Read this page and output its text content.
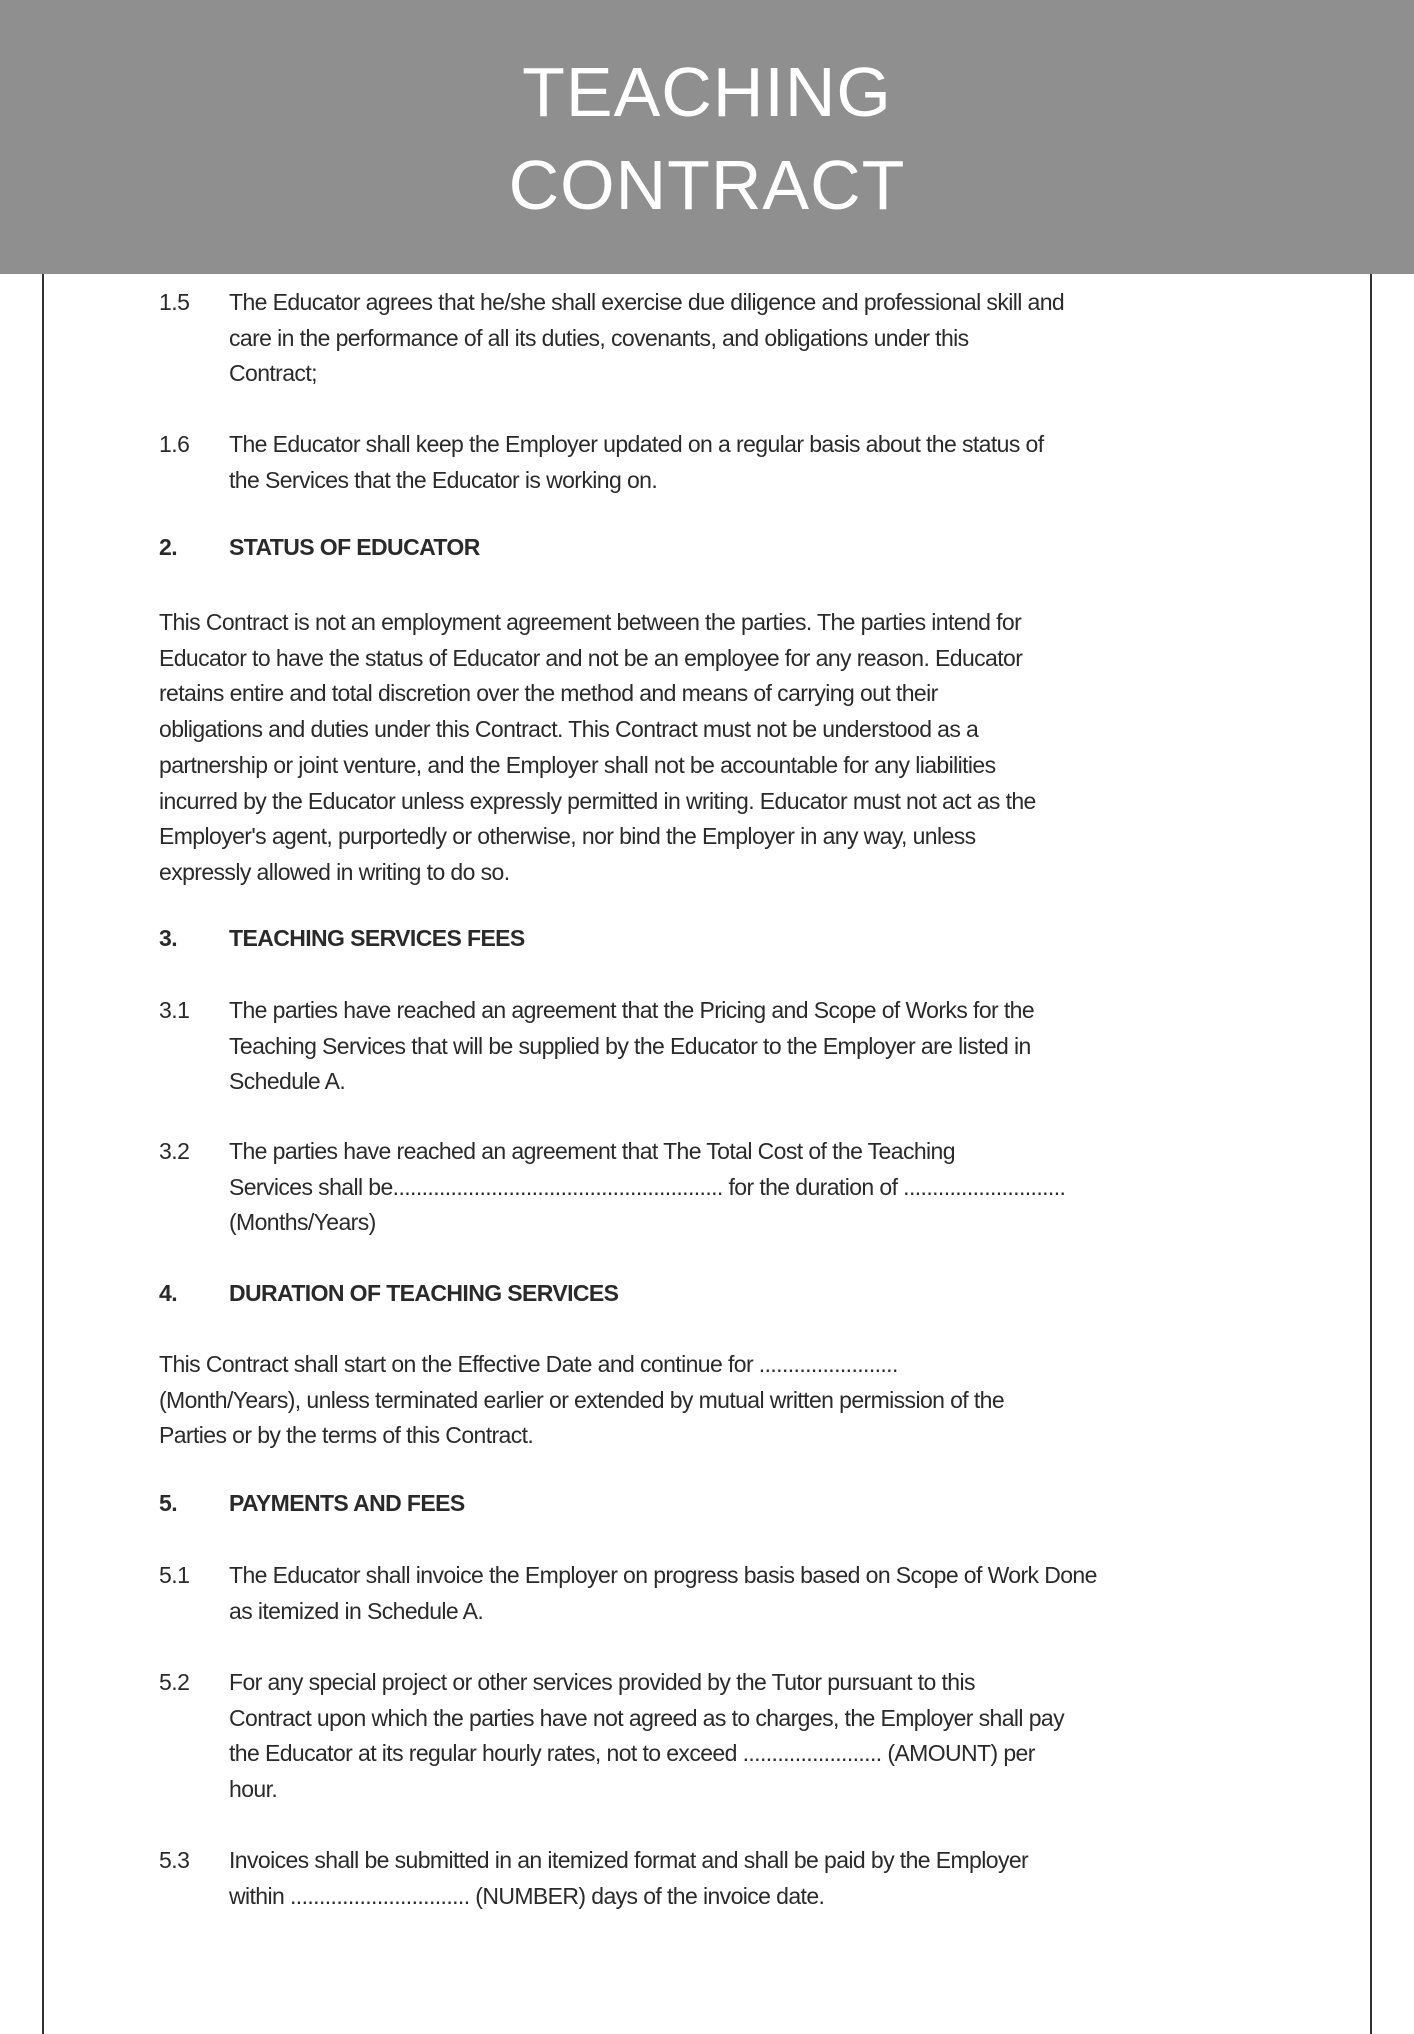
TEACHING
CONTRACT
1.5 The Educator agrees that he/she shall exercise due diligence and professional skill and
care in the performance of all its duties, covenants, and obligations under this
Contract;
1.6 The Educator shall keep the Employer updated on a regular basis about the status of
the Services that the Educator is working on.
2. STATUS OF EDUCATOR
This Contract is not an employment agreement between the parties. The parties intend for
Educator to have the status of Educator and not be an employee for any reason. Educator
retains entire and total discretion over the method and means of carrying out their
obligations and duties under this Contract. This Contract must not be understood as a
partnership or joint venture, and the Employer shall not be accountable for any liabilities
incurred by the Educator unless expressly permitted in writing. Educator must not act as the
Employer's agent, purportedly or otherwise, nor bind the Employer in any way, unless
expressly allowed in writing to do so.
3. TEACHING SERVICES FEES
3.1 The parties have reached an agreement that the Pricing and Scope of Works for the
Teaching Services that will be supplied by the Educator to the Employer are listed in
Schedule A.
3.2 The parties have reached an agreement that The Total Cost of the Teaching
Services shall be......................................................... for the duration of ............................
(Months/Years)
4. DURATION OF TEACHING SERVICES
This Contract shall start on the Effective Date and continue for ........................
(Month/Years), unless terminated earlier or extended by mutual written permission of the
Parties or by the terms of this Contract.
5. PAYMENTS AND FEES
5.1 The Educator shall invoice the Employer on progress basis based on Scope of Work Done
as itemized in Schedule A.
5.2 For any special project or other services provided by the Tutor pursuant to this
Contract upon which the parties have not agreed as to charges, the Employer shall pay
the Educator at its regular hourly rates, not to exceed ........................ (AMOUNT) per
hour.
5.3 Invoices shall be submitted in an itemized format and shall be paid by the Employer
within ............................... (NUMBER) days of the invoice date.
